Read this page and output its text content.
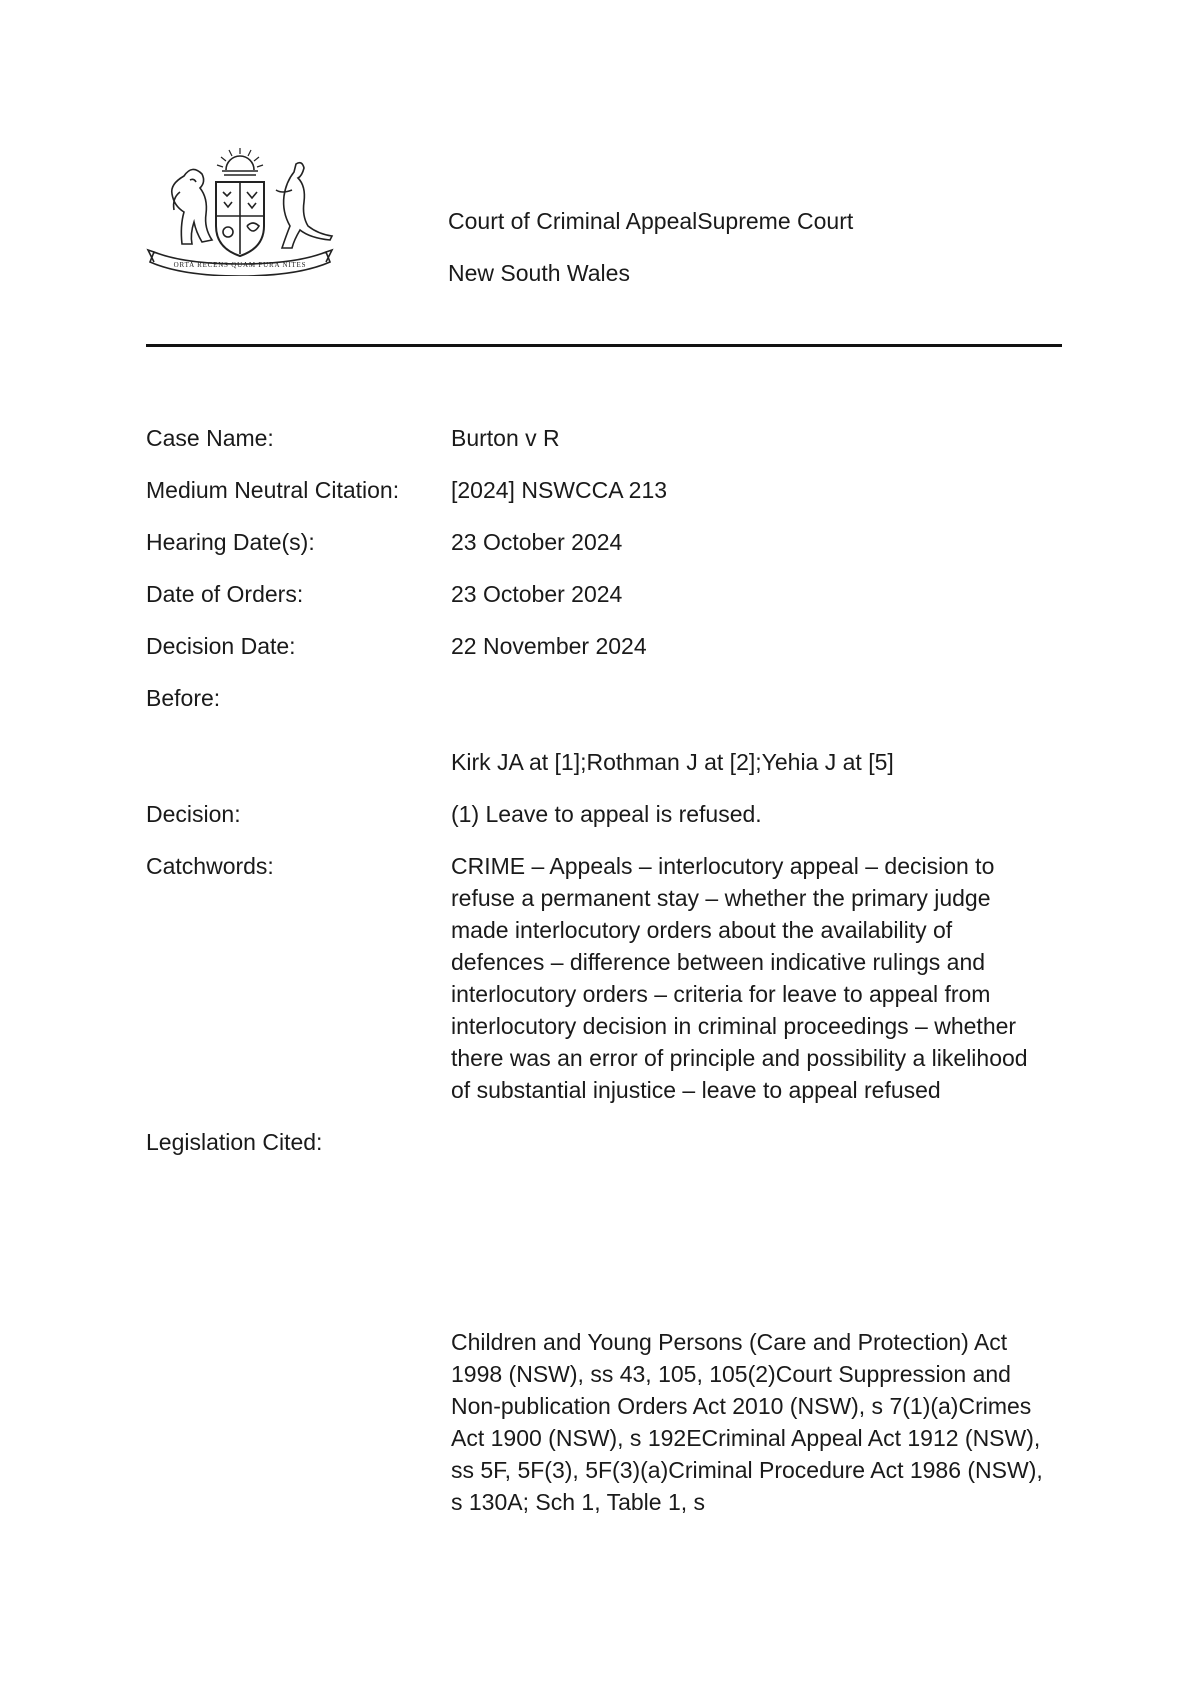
ORTA RECENS QUAM PURA NITES
Court of Criminal AppealSupreme Court
New South Wales
Case Name:	Burton v R
Medium Neutral Citation:	[2024] NSWCCA 213
Hearing Date(s):	23 October 2024
Date of Orders:	23 October 2024
Decision Date:	22 November 2024
Before:
Kirk JA at [1];Rothman J at [2];Yehia J at [5]
Decision:	(1) Leave to appeal is refused.
Catchwords:	CRIME – Appeals – interlocutory appeal – decision to refuse a permanent stay – whether the primary judge made interlocutory orders about the availability of defences – difference between indicative rulings and interlocutory orders – criteria for leave to appeal from interlocutory decision in criminal proceedings – whether there was an error of principle and possibility a likelihood of substantial injustice – leave to appeal refused
Legislation Cited:
Children and Young Persons (Care and Protection) Act 1998 (NSW), ss 43, 105, 105(2)Court Suppression and Non-publication Orders Act 2010 (NSW), s 7(1)(a)Crimes Act 1900 (NSW), s 192ECriminal Appeal Act 1912 (NSW), ss 5F, 5F(3), 5F(3)(a)Criminal Procedure Act 1986 (NSW), s 130A; Sch 1, Table 1, s
